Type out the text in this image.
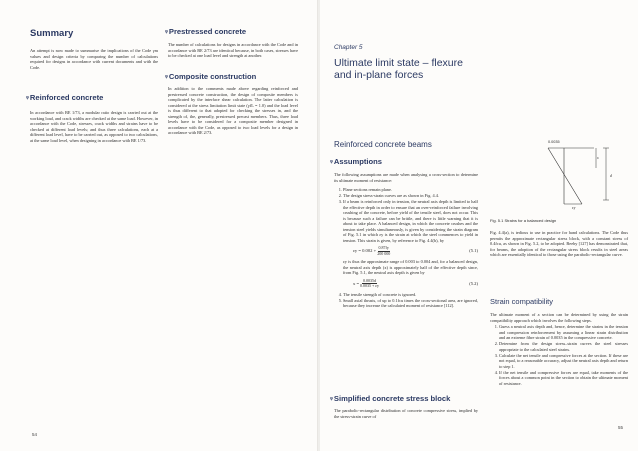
Summary

An attempt is now made to summarise the implications of the Code γm values and design criteria by comparing the number of calculations required for designs in accordance with current documents and with the Code.

ᵠReinforced concrete

In accordance with BE 1/73, a modular ratio design is carried out at the working load, and crack widths are checked at the same load. However, in accordance with the Code, stresses, crack widths and strains have to be checked at different load levels; and thus three calculations, each at a different load level, have to be carried out, as opposed to two calculations, at the same load level, when designing in accordance with BE 1/73.

ᵠPrestressed concrete

The number of calculations for designs in accordance with the Code and in accordance with BE 2/73 are identical because, in both cases, stresses have to be checked at one load level and strength at another.

ᵠComposite construction

In addition to the comments made above regarding reinforced and prestressed concrete construction, the design of composite members is complicated by the interface shear calculation. The latter calculation is considered at the stress limitation limit state (γfL = 1.0) and the load level is thus different to that adopted for checking the stresses in, and the strength of, the, generally, prestressed precast members. Thus, three load levels have to be considered for a composite member designed in accordance with the Code, as opposed to two load levels for a design in accordance with BE 2/73.

54
Chapter 5
Ultimate limit state – flexure
and in-plane forces
Reinforced concrete beams
ᵠAssumptions

The following assumptions are made when analysing a cross-section to determine its ultimate moment of resistance:

1. Plane sections remain plane.
2. The design stress-strain curves are as shown in Fig. 4.4.
3. If a beam is reinforced only in tension, the neutral axis depth is limited to half the effective depth in order to ensure that an over-reinforced failure involving crushing of the concrete, before yield of the tensile steel, does not occur. This is because such a failure can be brittle, and there is little warning that it is about to take place. A balanced design, in which the concrete crushes and the tension steel yields simultaneously, is given by considering the strain diagram of Fig. 5.1 in which εy is the strain at which the steel commences to yield in tension. This strain is given, by reference to Fig. 4.4(b), by
$\varepsilon y = 0.002 + \frac{0.87fy}{200 000}$	(5.1)
εy is thus the approximate range of 0.003 to 0.004 and, for a balanced design, the neutral axis depth (x) is approximately half of the effective depth since, from Fig. 5.1, the neutral axis depth is given by
$x = \frac{0.0035d}{0.0035 + \varepsilon y}$	(5.2)
4. The tensile strength of concrete is ignored.
5. Small axial thrusts, of up to 0.1fcu times the cross-sectional area, are ignored, because they increase the calculated moment of resistance [112].
ᵠSimplified concrete stress block

The parabolic-rectangular distribution of concrete compressive stress, implied by the stress-strain curve of

0.0035
x
d
εy
Fig. 5.1 Strains for a balanced design

Fig. 4.4(a), is tedious to use in practice for hand calculations. The Code thus permits the approximate rectangular stress block, with a constant stress of 0.4fcu, as shown in Fig. 5.2, to be adopted. Beeby [127] has demonstrated that, for beams, the adoption of the rectangular stress block results in steel areas which are essentially identical to those using the parabolic-rectangular curve.

Strain compatibility

The ultimate moment of a section can be determined by using the strain compatibility approach which involves the following steps.

1. Guess a neutral axis depth and, hence, determine the strains in the tension and compression reinforcement by assuming a linear strain distribution and an extreme fibre strain of 0.0035 in the compressive concrete.
2. Determine from the design stress–strain curves the steel stresses appropriate to the calculated steel strains.
3. Calculate the net tensile and compressive forces at the section. If these are not equal, to a reasonable accuracy, adjust the neutral axis depth and return to step 1.
4. If the net tensile and compressive forces are equal, take moments of the forces about a common point in the section to obtain the ultimate moment of resistance.
55
